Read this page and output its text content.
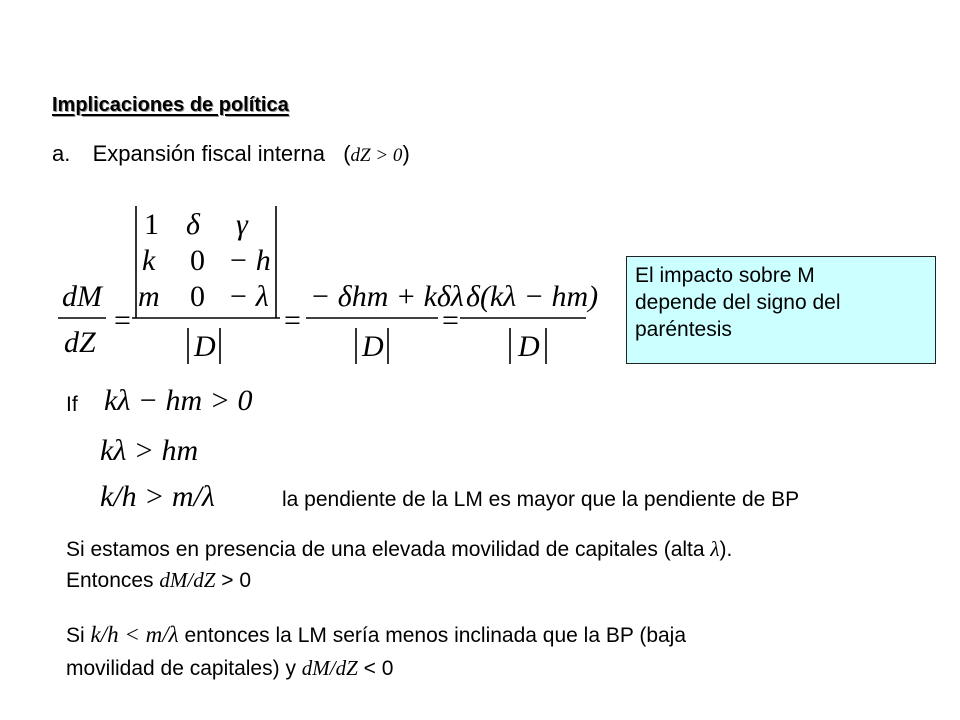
Implicaciones de política
a. Expansión fiscal interna (dZ > 0)
dM
dZ
=
1 δ γ
k 0 − h
m 0 − λ
D
=
− δhm + kδλ
D
=
δ(kλ − hm)
D
El impacto sobre M
depende del signo del
paréntesis
If kλ − hm > 0
kλ > hm
k/h > m/λ	la pendiente de la LM es mayor que la pendiente de BP
Si estamos en presencia de una elevada movilidad de capitales (alta λ).
Entonces dM/dZ > 0
Si k/h < m/λ entonces la LM sería menos inclinada que la BP (baja
movilidad de capitales) y dM/dZ < 0
